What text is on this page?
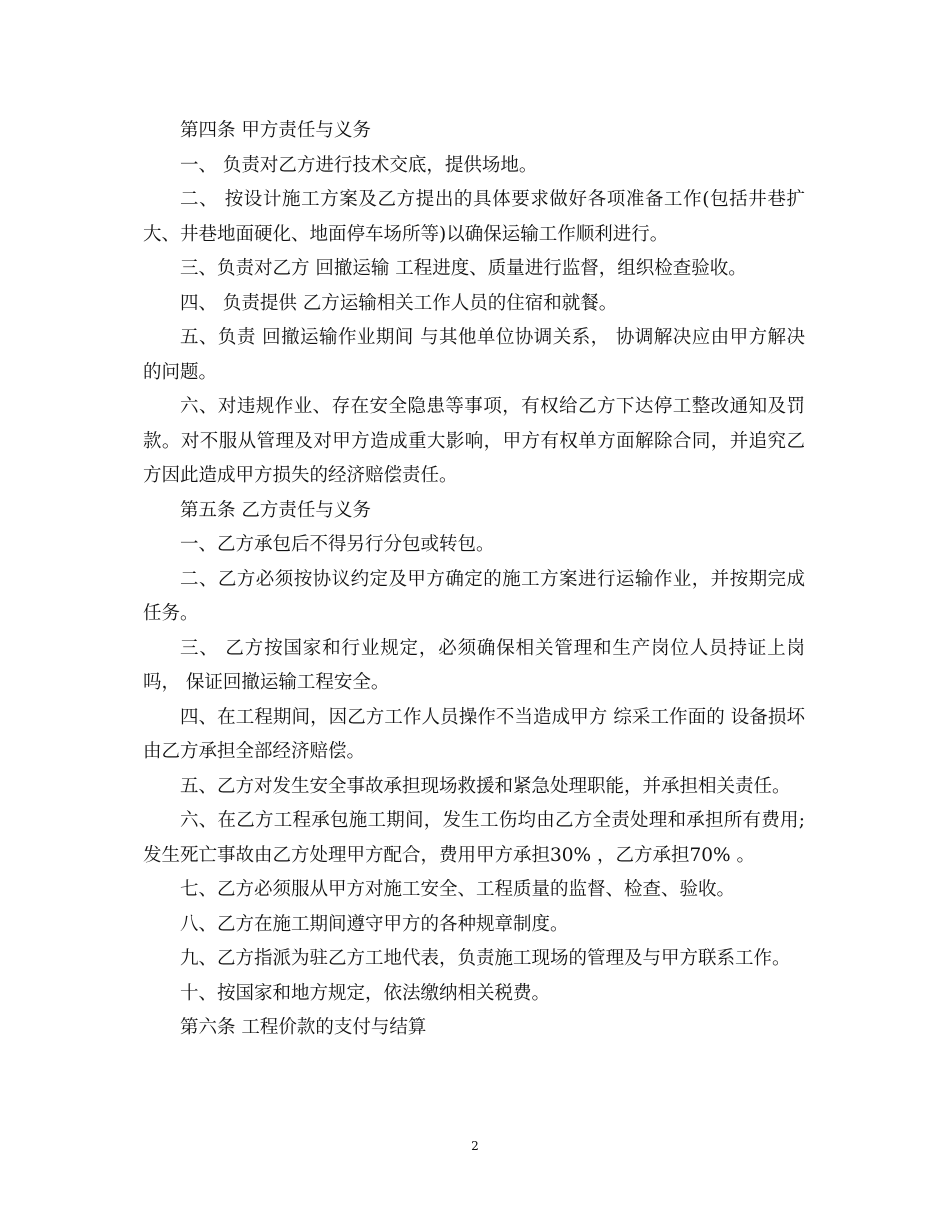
第四条 甲方责任与义务

一、 负责对乙方进行技术交底，提供场地。

二、 按设计施工方案及乙方提出的具体要求做好各项准备工作(包括井巷扩大、井巷地面硬化、地面停车场所等)以确保运输工作顺利进行。

三、负责对乙方 回撤运输 工程进度、质量进行监督，组织检查验收。

四、 负责提供 乙方运输相关工作人员的住宿和就餐。

五、负责 回撤运输作业期间 与其他单位协调关系， 协调解决应由甲方解决的问题。

六、对违规作业、存在安全隐患等事项，有权给乙方下达停工整改通知及罚款。对不服从管理及对甲方造成重大影响，甲方有权单方面解除合同，并追究乙方因此造成甲方损失的经济赔偿责任。

第五条 乙方责任与义务

一、乙方承包后不得另行分包或转包。

二、乙方必须按协议约定及甲方确定的施工方案进行运输作业，并按期完成任务。

三、 乙方按国家和行业规定，必须确保相关管理和生产岗位人员持证上岗吗， 保证回撤运输工程安全。

四、在工程期间，因乙方工作人员操作不当造成甲方 综采工作面的 设备损坏由乙方承担全部经济赔偿。

五、乙方对发生安全事故承担现场救援和紧急处理职能，并承担相关责任。

六、在乙方工程承包施工期间，发生工伤均由乙方全责处理和承担所有费用;发生死亡事故由乙方处理甲方配合，费用甲方承担30% ，乙方承担70% 。

七、乙方必须服从甲方对施工安全、工程质量的监督、检查、验收。

八、乙方在施工期间遵守甲方的各种规章制度。

九、乙方指派为驻乙方工地代表，负责施工现场的管理及与甲方联系工作。

十、按国家和地方规定，依法缴纳相关税费。

第六条 工程价款的支付与结算

2
